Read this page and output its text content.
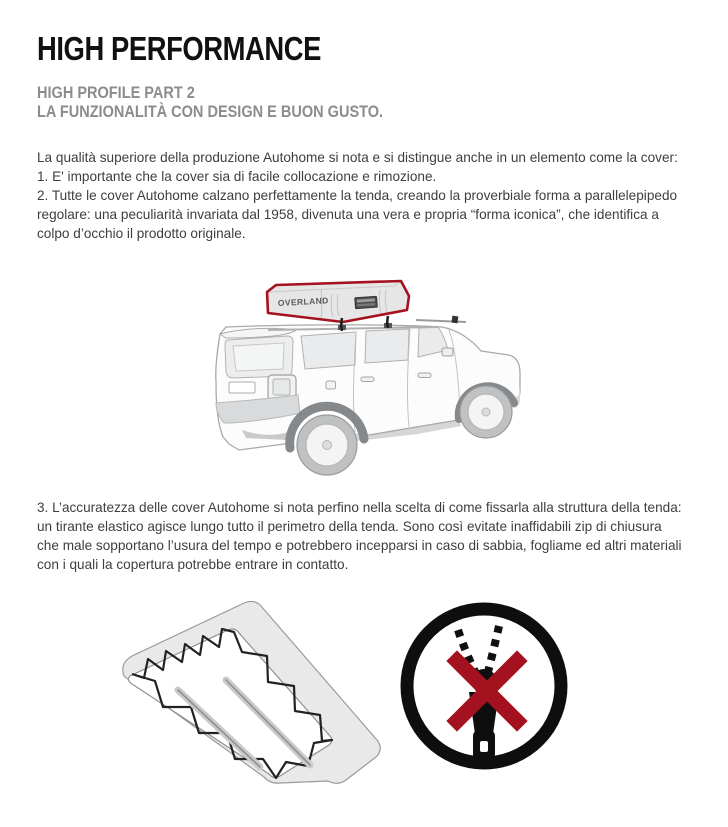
HIGH PERFORMANCE
HIGH PROFILE PART 2
LA FUNZIONALITÀ CON DESIGN E BUON GUSTO.
La qualità superiore della produzione Autohome si nota e si distingue anche in un elemento come la cover:
1. E' importante che la cover sia di facile collocazione e rimozione.
2. Tutte le cover Autohome calzano perfettamente la tenda, creando la proverbiale forma a parallelepipedo regolare: una peculiarità invariata dal 1958, divenuta una vera e propria “forma iconica”, che identifica a colpo d’occhio il prodotto originale.
OVERLAND
3. L’accuratezza delle cover Autohome si nota perfino nella scelta di come fissarla alla struttura della tenda: un tirante elastico agisce lungo tutto il perimetro della tenda. Sono così evitate inaffidabili zip di chiusura che male sopportano l’usura del tempo e potrebbero incepparsi in caso di sabbia, fogliame ed altri materiali con i quali la copertura potrebbe entrare in contatto.
